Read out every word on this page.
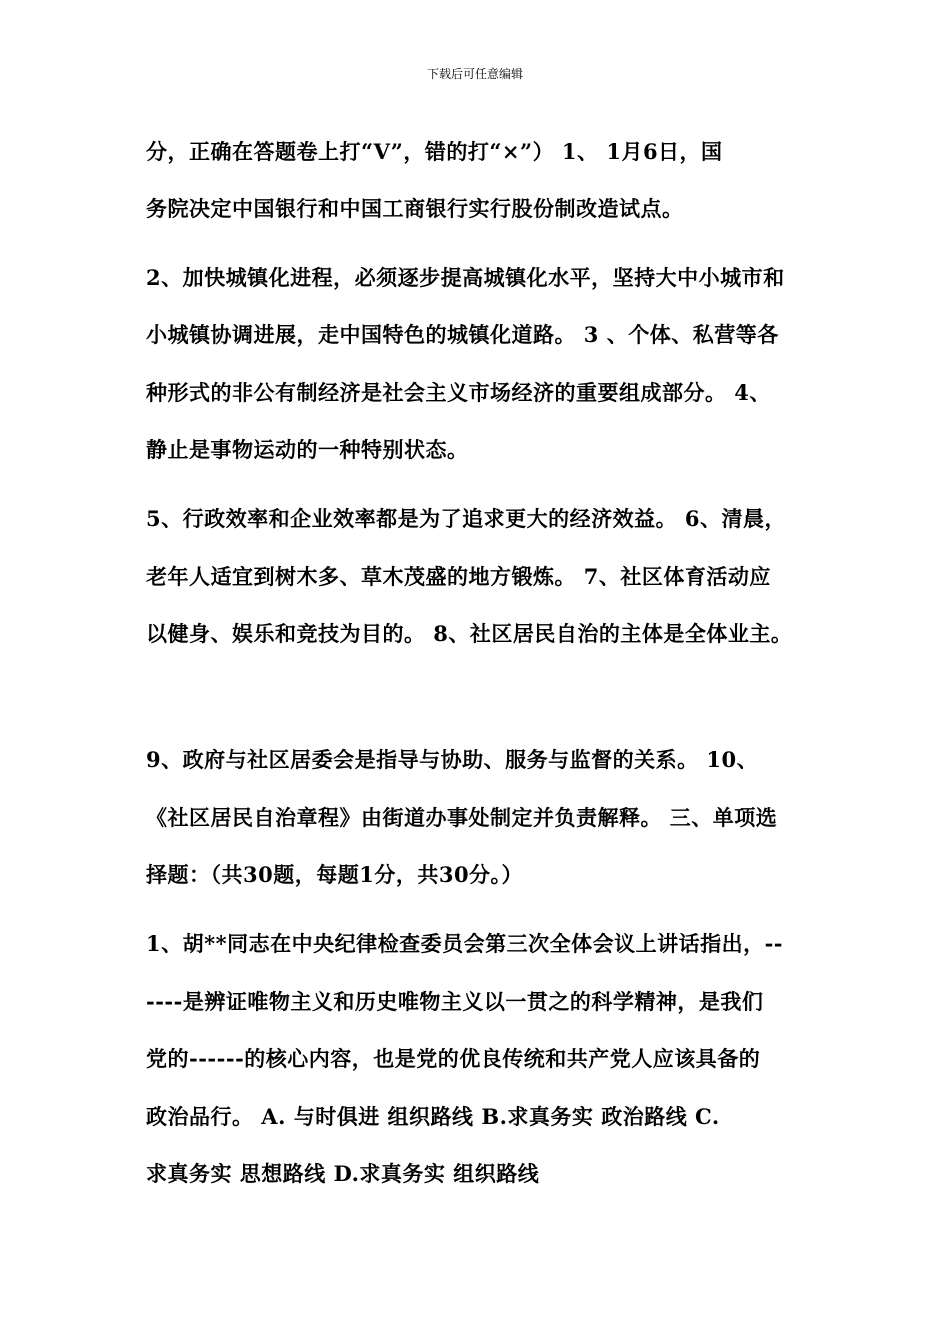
下载后可任意编辑
分，正确在答题卷上打“V”，错的打“×”） 1、 1月6日，国
务院决定中国银行和中国工商银行实行股份制改造试点。
2、加快城镇化进程，必须逐步提高城镇化水平，坚持大中小城市和
小城镇协调进展，走中国特色的城镇化道路。 3 、个体、私营等各
种形式的非公有制经济是社会主义市场经济的重要组成部分。 4、
静止是事物运动的一种特别状态。
5、行政效率和企业效率都是为了追求更大的经济效益。 6、清晨，
老年人适宜到树木多、草木茂盛的地方锻炼。 7、社区体育活动应
以健身、娱乐和竞技为目的。 8、社区居民自治的主体是全体业主。
9、政府与社区居委会是指导与协助、服务与监督的关系。 10、
《社区居民自治章程》由街道办事处制定并负责解释。 三、单项选
择题：（共30题，每题1分，共30分。）
1、胡**同志在中央纪律检查委员会第三次全体会议上讲话指出，--
----是辨证唯物主义和历史唯物主义以一贯之的科学精神，是我们
党的------的核心内容，也是党的优良传统和共产党人应该具备的
政治品行。 A. 与时俱进 组织路线 B.求真务实 政治路线 C.
求真务实 思想路线 D.求真务实 组织路线
